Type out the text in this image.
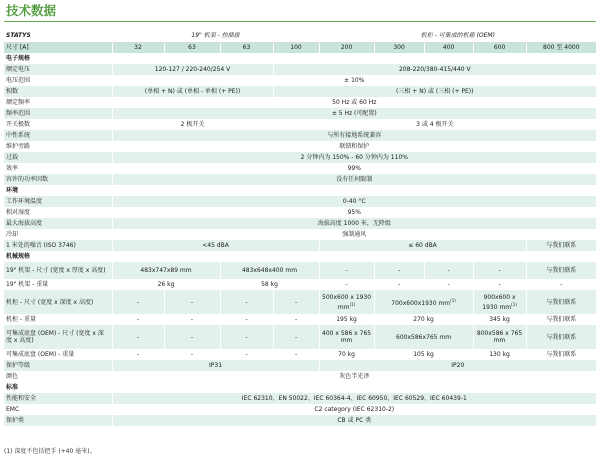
技术数据
STATYS	19" 机架 - 热插拔				机柜 - 可集成的机箱 (OEM)				
尺寸 [A]	32	63	63	100	200	300	400	600	800 至 4000
电子规格									
额定电压	120-127 / 220-240/254 V			208-220/380-415/440 V					
电压范围	± 10%								
相数	(单相 + N) 或 (单相 - 单相 (+ PE))			(三相 + N) 或 (三相 (+ PE))					
额定频率	50 Hz 或 60 Hz								
频率范围	± 5 Hz (可配置)								
开关极数	2 极开关			3 或 4 极开关					
中性系统	与所有接地系统兼容								
维护旁路	联锁和保护								
过载	2 分钟内为 150% - 60 分钟内为 110%								
效率	99%								
容许的功率因数	没有任何限制								
环境									
工作环境温度	0-40 °C								
相对湿度	95%								
最大海拔高度	海拔高度 1000 米，无降级								
冷却	强制通风								
1 米处的噪音 (ISO 3746)	<45 dBA				≤ 60 dBA				与我们联系
机械规格									
19" 机架 - 尺寸 (宽度 x 厚度 x 高度)	483x747x89 mm		483x648x400 mm		-	-	-	-	与我们联系
19" 机架 - 重量	26 kg		58 kg		-	-	-	-	-
机柜 - 尺寸 (宽度 x 深度 x 高度)	-	-	-	-	500x600 x 1930 $mm^{(1)}$	700x600x1930 $mm^{(1)}$		900x600 x 1930 $mm^{(1)}$	与我们联系
机柜 - 重量	-	-	-	-	195 kg	270 kg		345 kg	与我们联系
可集成底盘 (OEM) - 尺寸 (宽度 x 深度 x 高度)	-	-	-	-	400 x 586 x 765 mm	600x586x765 mm		800x586 x 765 mm	与我们联系
可集成底盘 (OEM) - 重量	-	-	-	-	70 kg	105 kg		130 kg	与我们联系
保护等级	IP31				IP20				
颜色	灰色半光泽								
标准									
性能和安全	IEC 62310、EN 50022、IEC 60364-4、IEC 60950、IEC 60529、IEC 60439-1								
EMC	C2 category (IEC 62310-2)								
保护类	CB 或 PC 类								
(1) 深度不包括把手 (+40 毫米)。
